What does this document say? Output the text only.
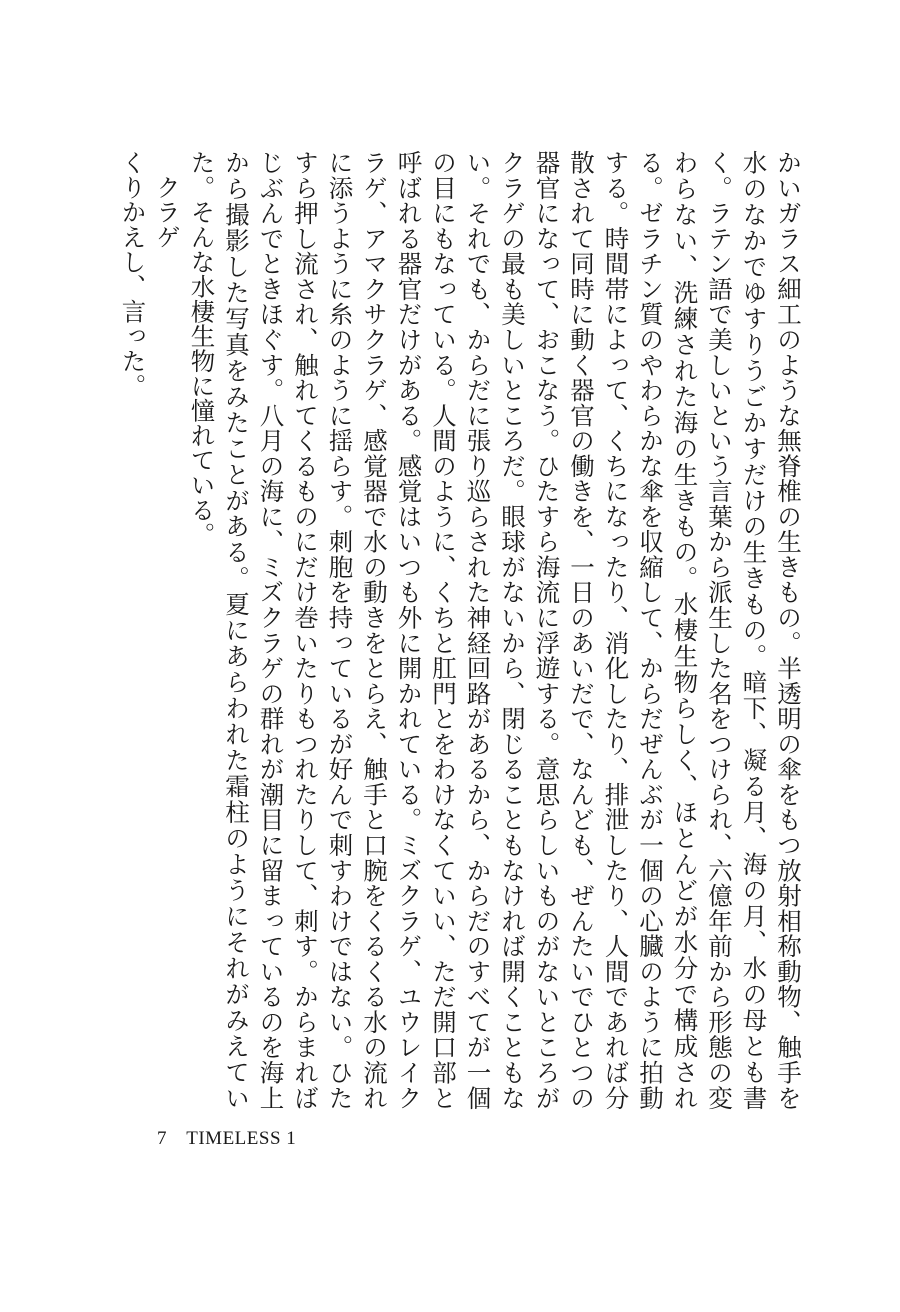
かいガラス細工のような無脊椎の生きもの。半透明の傘をもつ放射相称動物、触手を水のなかでゆすりうごかすだけの生きもの。暗下、凝る月、海の月、水の母とも書く。ラテン語で美しいという言葉から派生した名をつけられ、六億年前から形態の変わらない、洗練された海の生きもの。水棲生物らしく、ほとんどが水分で構成される。ゼラチン質のやわらかな傘を収縮して、からだぜんぶが一個の心臓のように拍動する。時間帯によって、くちになったり、消化したり、排泄したり、人間であれば分散されて同時に動く器官の働きを、一日のあいだで、なんども、ぜんたいでひとつの器官になって、おこなう。ひたすら海流に浮遊する。意思らしいものがないところがクラゲの最も美しいところだ。眼球がないから、閉じることもなければ開くこともない。それでも、からだに張り巡らされた神経回路があるから、からだのすべてが一個の目にもなっている。人間のように、くちと肛門とをわけなくていい、ただ開口部と呼ばれる器官だけがある。感覚はいつも外に開かれている。ミズクラゲ、ユウレイクラゲ、アマクサクラゲ、感覚器で水の動きをとらえ、触手と口腕をくるくる水の流れに添うように糸のように揺らす。刺胞を持っているが好んで刺すわけではない。ひたすら押し流され、触れてくるものにだけ巻いたりもつれたりして、刺す。からまればじぶんでときほぐす。八月の海に、ミズクラゲの群れが潮目に留まっているのを海上から撮影した写真をみたことがある。夏にあらわれた霜柱のようにそれがみえていた。そんな水棲生物に憧れている。

　クラゲ

くりかえし、言った。

7 TIMELESS 1
